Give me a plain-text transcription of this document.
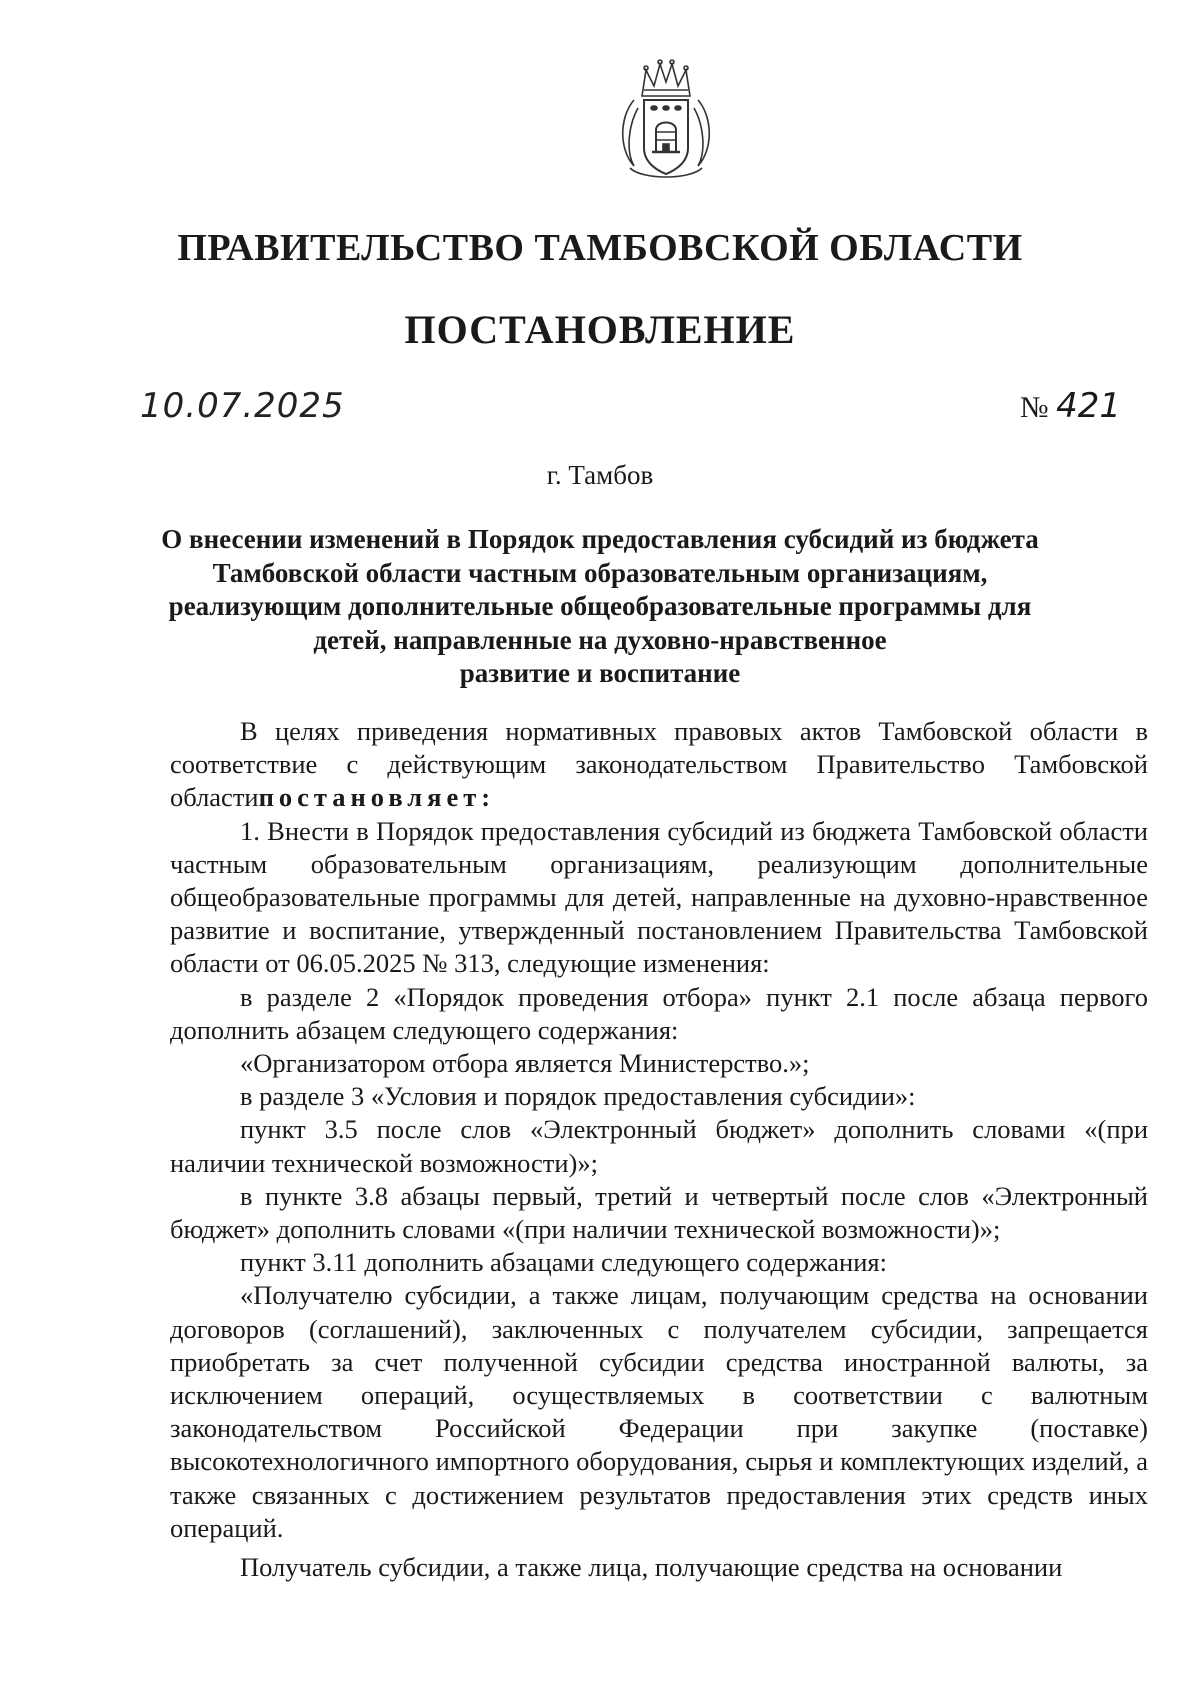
ПРАВИТЕЛЬСТВО ТАМБОВСКОЙ ОБЛАСТИ
ПОСТАНОВЛЕНИЕ
10.07.2025	№ 421
г. Тамбов
О внесении изменений в Порядок предоставления субсидий из бюджета
Тамбовской области частным образовательным организациям,
реализующим дополнительные общеобразовательные программы для
детей, направленные на духовно-нравственное
развитие и воспитание

В целях приведения нормативных правовых актов Тамбовской области в соответствие с действующим законодательством Правительство Тамбовской областипостановляет:

1. Внести в Порядок предоставления субсидий из бюджета Тамбовской области частным образовательным организациям, реализующим дополнительные общеобразовательные программы для детей, направленные на духовно-нравственное развитие и воспитание, утвержденный постановлением Правительства Тамбовской области от 06.05.2025 № 313, следующие изменения:

в разделе 2 «Порядок проведения отбора» пункт 2.1 после абзаца первого дополнить абзацем следующего содержания:

«Организатором отбора является Министерство.»;

в разделе 3 «Условия и порядок предоставления субсидии»:

пункт 3.5 после слов «Электронный бюджет» дополнить словами «(при наличии технической возможности)»;

в пункте 3.8 абзацы первый, третий и четвертый после слов «Электронный бюджет» дополнить словами «(при наличии технической возможности)»;

пункт 3.11 дополнить абзацами следующего содержания:

«Получателю субсидии, а также лицам, получающим средства на основании договоров (соглашений), заключенных с получателем субсидии, запрещается приобретать за счет полученной субсидии средства иностранной валюты, за исключением операций, осуществляемых в соответствии с валютным законодательством Российской Федерации при закупке (поставке) высокотехнологичного импортного оборудования, сырья и комплектующих изделий, а также связанных с достижением результатов предоставления этих средств иных операций.

Получатель субсидии, а также лица, получающие средства на основании
